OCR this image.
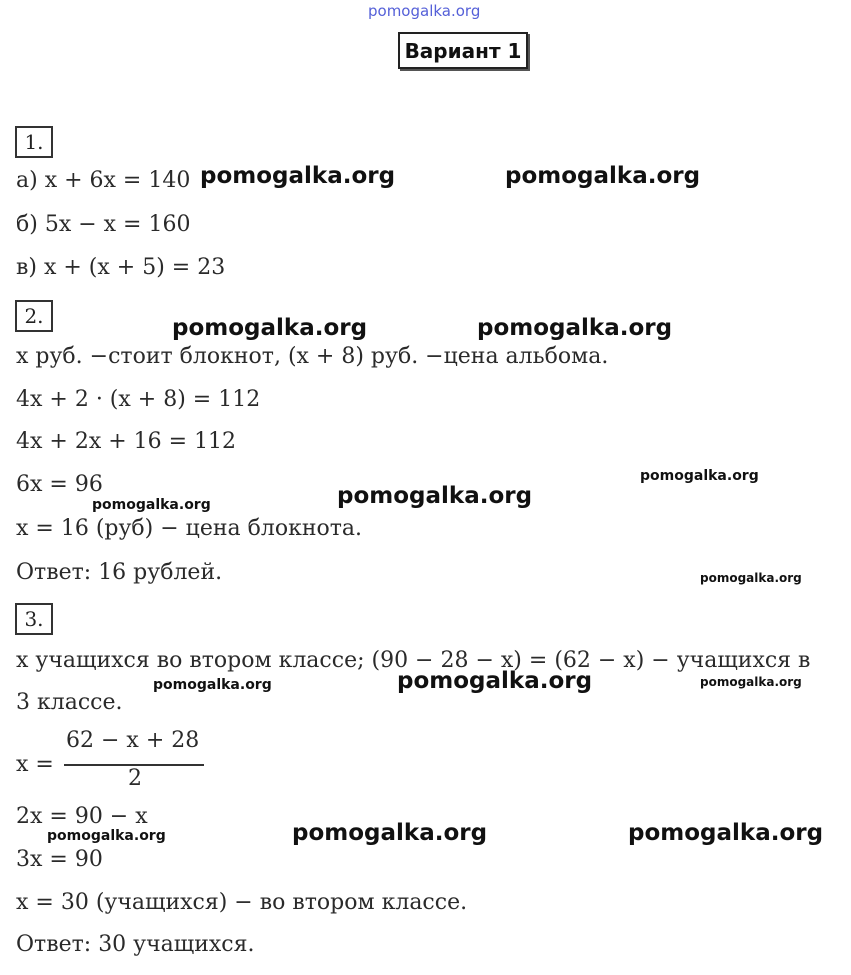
pomogalka.org
Вариант 1
1.
а) x + 6x = 140
б) 5x − x = 160
в) x + (x + 5) = 23
2.
x руб. −стоит блокнот, (x + 8) руб. −цена альбома.
4x + 2 · (x + 8) = 112
4x + 2x + 16 = 112
6x = 96
x = 16 (руб) − цена блокнота.
Ответ: 16 рублей.
3.
x учащихся во втором классе; (90 − 28 − x) = (62 − x) − учащихся в
3 классе.
x =
62 − x + 28
2
2x = 90 − x
3x = 90
x = 30 (учащихся) − во втором классе.
Ответ: 30 учащихся.
pomogalka.org	pomogalka.org
pomogalka.org	pomogalka.org
pomogalka.org
pomogalka.org
pomogalka.org
pomogalka.org
pomogalka.org
pomogalka.org	pomogalka.org
pomogalka.org	pomogalka.org
pomogalka.org
